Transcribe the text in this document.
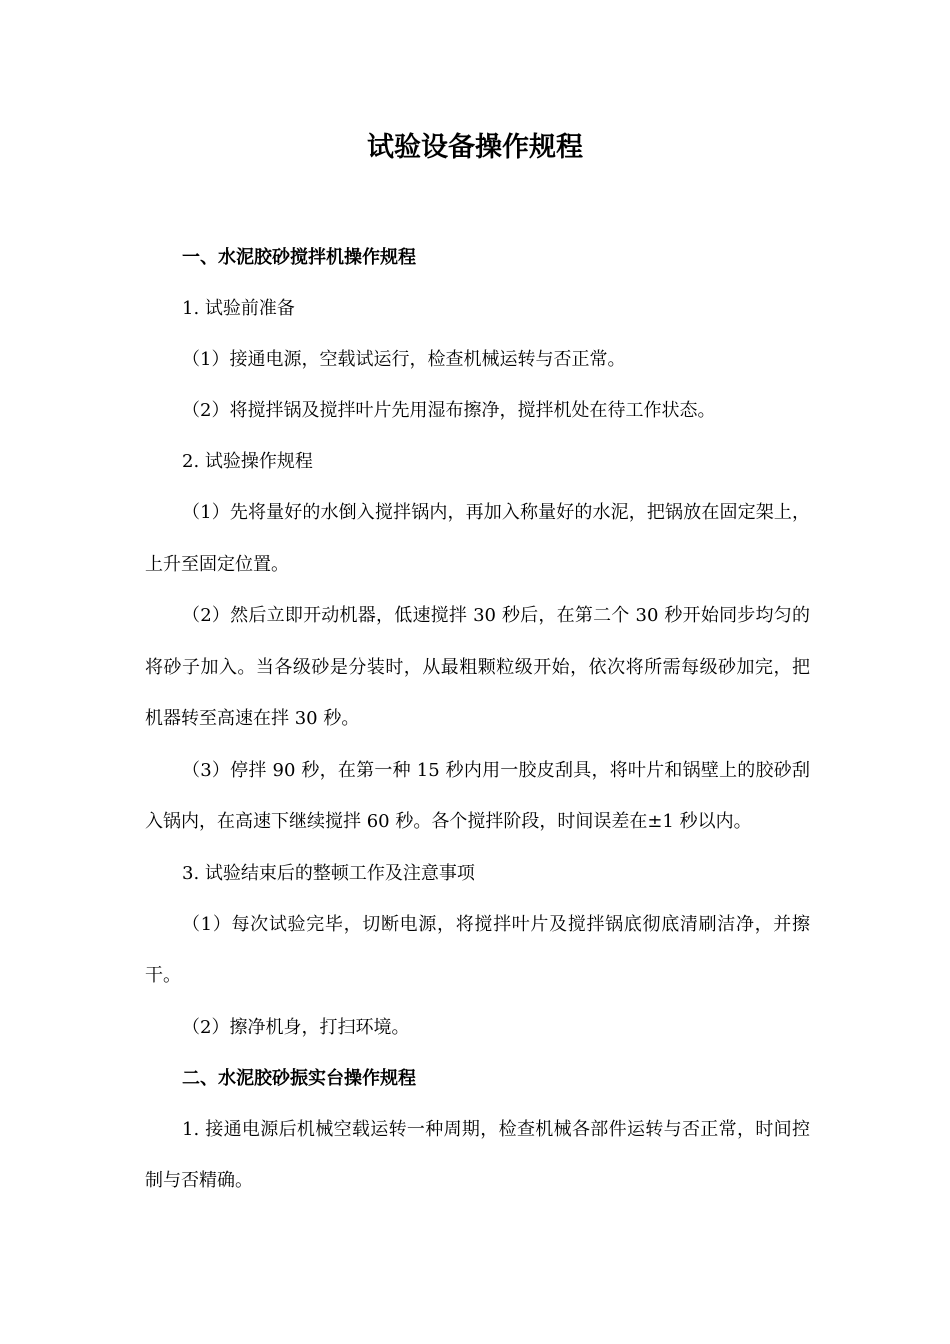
试验设备操作规程

一、水泥胶砂搅拌机操作规程

1. 试验前准备

（1）接通电源，空载试运行，检查机械运转与否正常。

（2）将搅拌锅及搅拌叶片先用湿布擦净，搅拌机处在待工作状态。

2. 试验操作规程

（1）先将量好的水倒入搅拌锅内，再加入称量好的水泥，把锅放在固定架上，上升至固定位置。

（2）然后立即开动机器，低速搅拌 30 秒后，在第二个 30 秒开始同步均匀的将砂子加入。当各级砂是分装时，从最粗颗粒级开始，依次将所需每级砂加完，把机器转至高速在拌 30 秒。

（3）停拌 90 秒，在第一种 15 秒内用一胶皮刮具，将叶片和锅壁上的胶砂刮入锅内，在高速下继续搅拌 60 秒。各个搅拌阶段，时间误差在±1 秒以内。

3. 试验结束后的整顿工作及注意事项

（1）每次试验完毕，切断电源，将搅拌叶片及搅拌锅底彻底清刷洁净，并擦干。

（2）擦净机身，打扫环境。

二、水泥胶砂振实台操作规程

1. 接通电源后机械空载运转一种周期，检查机械各部件运转与否正常，时间控制与否精确。
